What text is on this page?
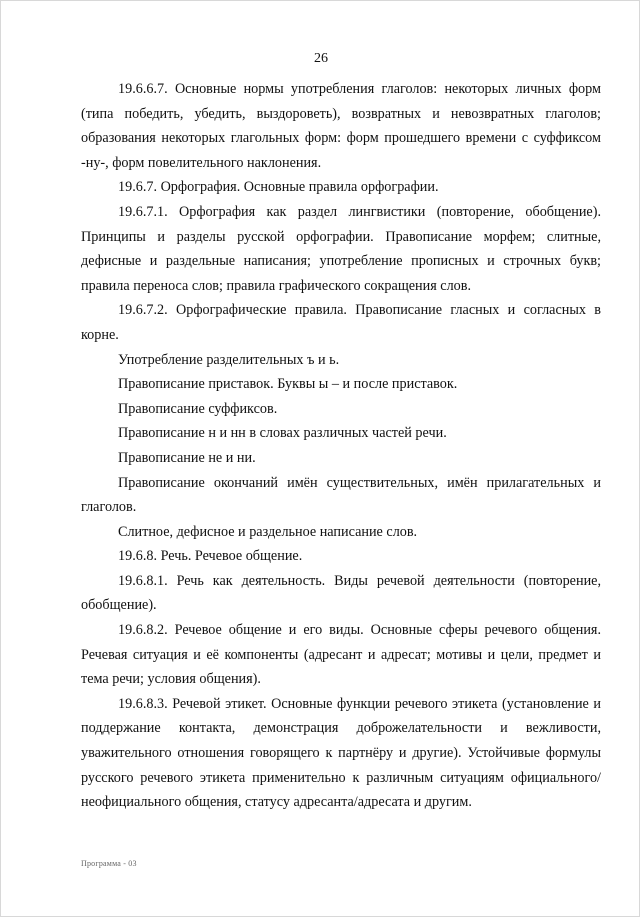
26

19.6.6.7. Основные нормы употребления глаголов: некоторых личных форм (типа победить, убедить, выздороветь), возвратных и невозвратных глаголов; образования некоторых глагольных форм: форм прошедшего времени с суффиксом -ну-, форм повелительного наклонения.

19.6.7. Орфография. Основные правила орфографии.

19.6.7.1. Орфография как раздел лингвистики (повторение, обобщение). Принципы и разделы русской орфографии. Правописание морфем; слитные, дефисные и раздельные написания; употребление прописных и строчных букв; правила переноса слов; правила графического сокращения слов.

19.6.7.2. Орфографические правила. Правописание гласных и согласных в корне.

Употребление разделительных ъ и ь.

Правописание приставок. Буквы ы – и после приставок.

Правописание суффиксов.

Правописание н и нн в словах различных частей речи.

Правописание не и ни.

Правописание окончаний имён существительных, имён прилагательных и глаголов.

Слитное, дефисное и раздельное написание слов.

19.6.8. Речь. Речевое общение.

19.6.8.1. Речь как деятельность. Виды речевой деятельности (повторение, обобщение).

19.6.8.2. Речевое общение и его виды. Основные сферы речевого общения. Речевая ситуация и её компоненты (адресант и адресат; мотивы и цели, предмет и тема речи; условия общения).

19.6.8.3. Речевой этикет. Основные функции речевого этикета (установление и поддержание контакта, демонстрация доброжелательности и вежливости, уважительного отношения говорящего к партнёру и другие). Устойчивые формулы русского речевого этикета применительно к различным ситуациям официального/неофициального общения, статусу адресанта/адресата и другим.

Программа - 03
